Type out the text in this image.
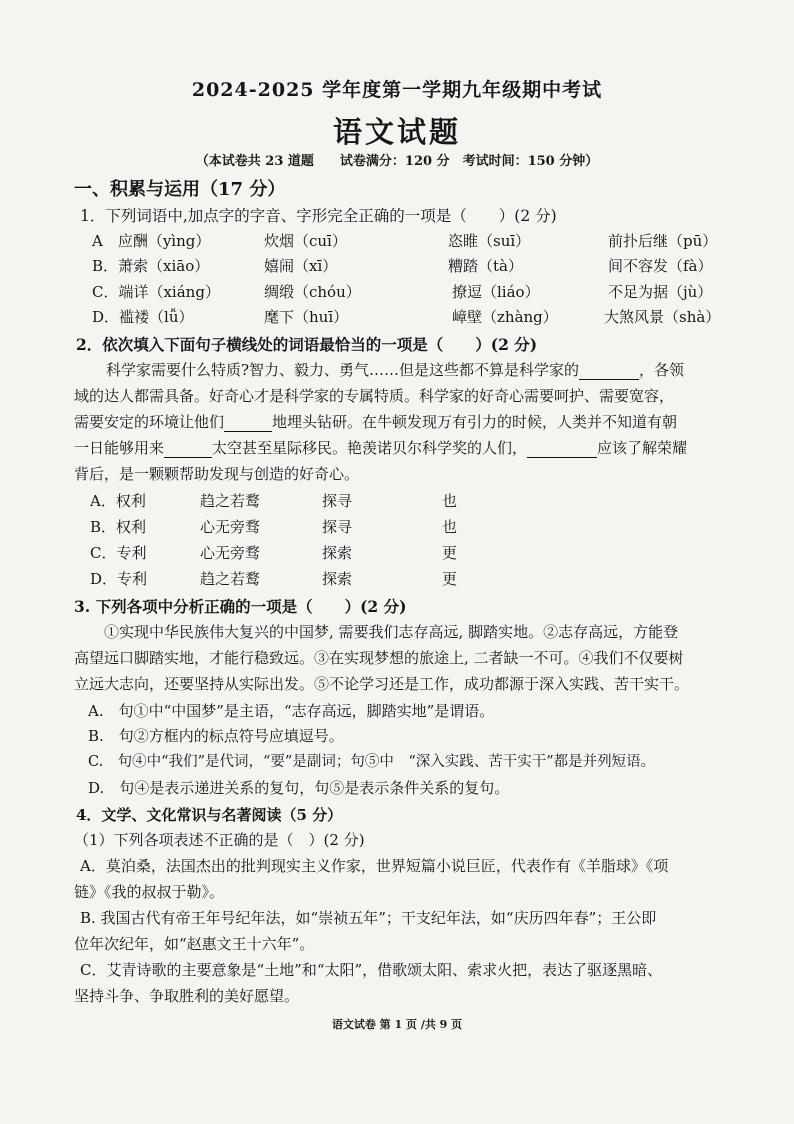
2024-2025 学年度第一学期九年级期中考试
语文试题
（本试卷共 23 道题　　试卷满分：120 分　考试时间：150 分钟）
一、积累与运用（17 分）
1．下列词语中,加点字的字音、字形完全正确的一项是（ ）(2 分)
A　应酬（yìng）	炊烟（cuī）	恣睢（suī）	前扑后继（pū）
B．萧索（xiāo）	嬉闹（xī）	糟踏（tà）	间不容发（fà）
C．端详（xiáng）	绸缎（chóu）	撩逗（liáo）	不足为据（jù）
D．褴褛（lǚ）	麾下（huī）	嶂壁（zhàng）	大煞风景（shà）
2．依次填入下面句子横线处的词语最恰当的一项是（ ）(2 分)
科学家需要什么特质?智力、毅力、勇气……但是这些都不算是科学家的	，各领
域的达人都需具备。好奇心才是科学家的专属特质。科学家的好奇心需要呵护、需要宽容，
需要安定的环境让他们	地埋头钻研。在牛顿发现万有引力的时候，人类并不知道有朝
一日能够用来	太空甚至星际移民。艳羡诺贝尔科学奖的人们，	应该了解荣耀
背后，是一颗颗帮助发现与创造的好奇心。
A．权利	趋之若鹜	探寻	也
B．权利	心无旁骛	探寻	也
C．专利	心无旁骛	探索	更
D．专利	趋之若鹜	探索	更
3. 下列各项中分析正确的一项是（ ）(2 分)
①实现中华民族伟大复兴的中国梦, 需要我们志存高远, 脚踏实地。②志存高远，方能登
高望远口脚踏实地，才能行稳致远。③在实现梦想的旅途上, 二者缺一不可。④我们不仅要树
立远大志向，还要坚持从实际出发。⑤不论学习还是工作，成功都源于深入实践、苦干实干。
A.　句①中“中国梦”是主语，“志存高远，脚踏实地”是谓语。
B.　句②方框内的标点符号应填逗号。
C.　句④中“我们”是代词，“要”是副词；句⑤中　“深入实践、苦干实干”都是并列短语。
D.　句④是表示递进关系的复句，句⑤是表示条件关系的复句。
4．文学、文化常识与名著阅读（5 分）
（1）下列各项表述不正确的是（　）(2 分)
A．莫泊桑，法国杰出的批判现实主义作家，世界短篇小说巨匠，代表作有《羊脂球》《项
链》《我的叔叔于勒》。
B. 我国古代有帝王年号纪年法，如“崇祯五年”；干支纪年法，如“庆历四年春”；王公即
位年次纪年，如“赵惠文王十六年”。
C．艾青诗歌的主要意象是“土地”和“太阳”，借歌颂太阳、索求火把，表达了驱逐黑暗、
坚持斗争、争取胜利的美好愿望。
语文试卷 第 1 页 /共 9 页
